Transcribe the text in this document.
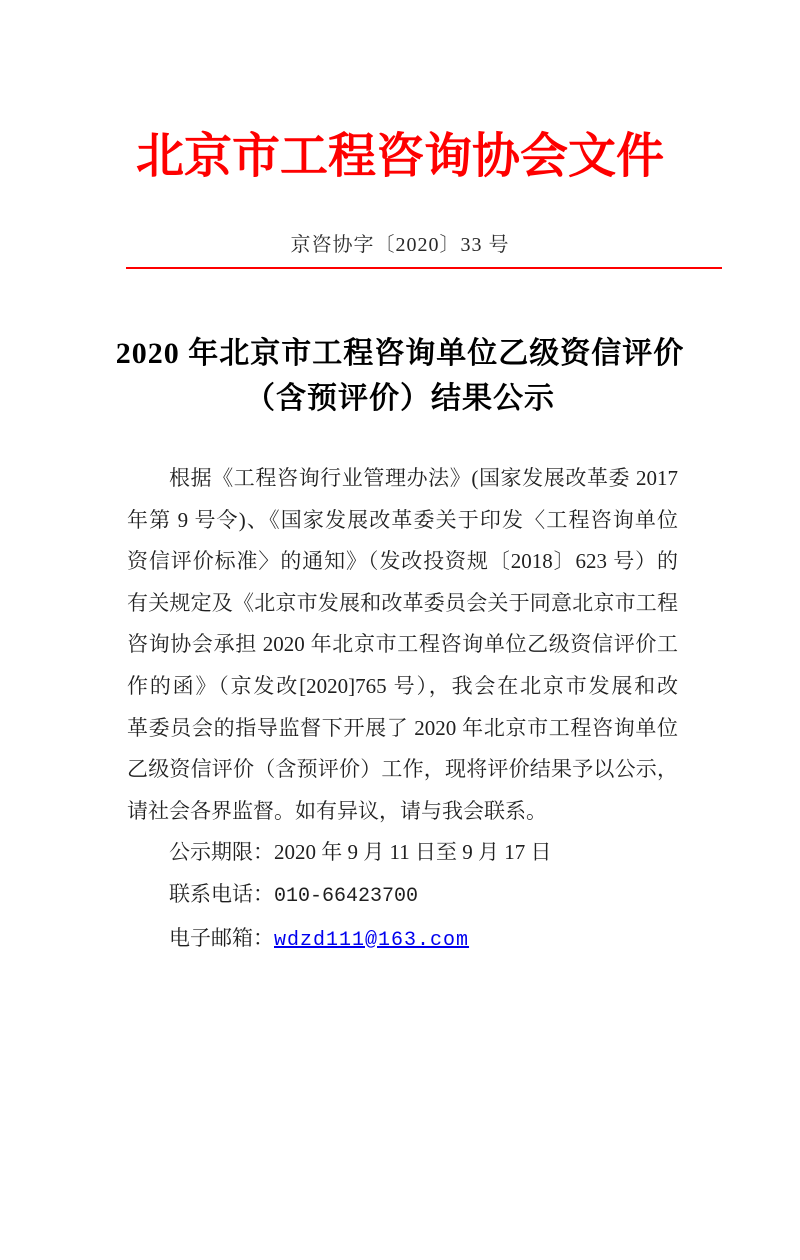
北京市工程咨询协会文件
京咨协字〔2020〕33 号
2020 年北京市工程咨询单位乙级资信评价
（含预评价）结果公示
根据《工程咨询行业管理办法》(国家发展改革委 2017
年第 9 号令)、《国家发展改革委关于印发〈工程咨询单位
资信评价标准〉的通知》（发改投资规〔2018〕623 号）的
有关规定及《北京市发展和改革委员会关于同意北京市工程
咨询协会承担 2020 年北京市工程咨询单位乙级资信评价工
作的函》（京发改[2020]765 号），我会在北京市发展和改
革委员会的指导监督下开展了 2020 年北京市工程咨询单位
乙级资信评价（含预评价）工作，现将评价结果予以公示，
请社会各界监督。如有异议，请与我会联系。
公示期限：2020 年 9 月 11 日至 9 月 17 日
联系电话：010-66423700
电子邮箱：wdzd111@163.com
